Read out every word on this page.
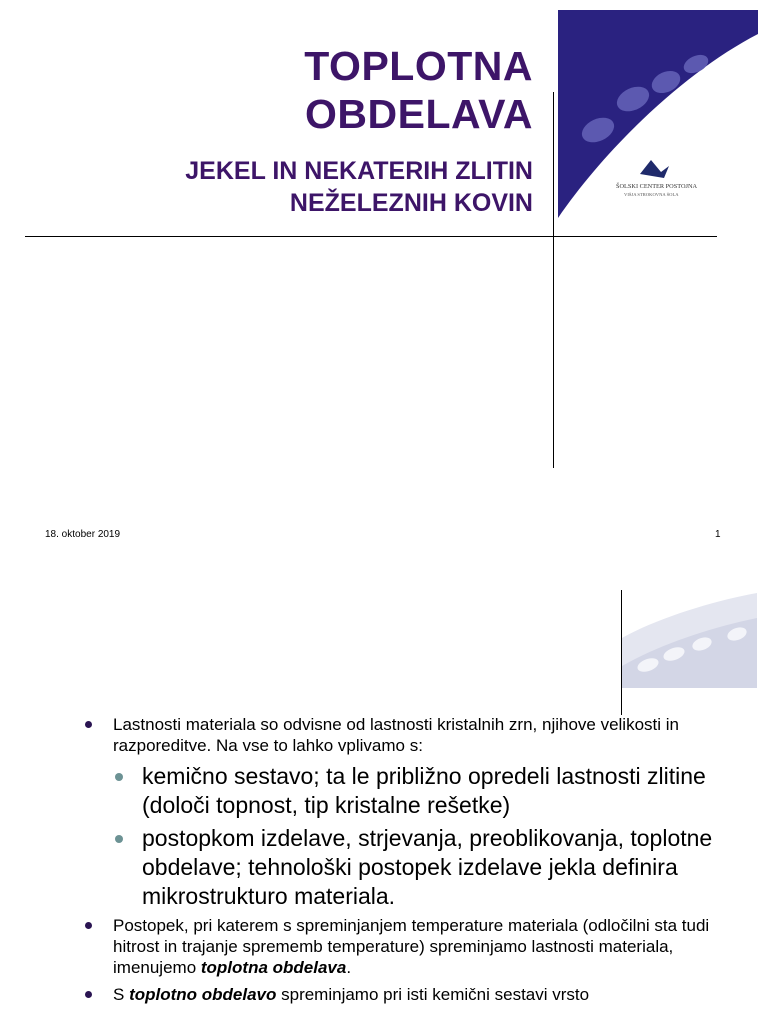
ŠOLSKI CENTER POSTOJNA
VIŠJA STROKOVNA ŠOLA
TOPLOTNA
OBDELAVA
JEKEL IN NEKATERIH ZLITIN
NEŽELEZNIH KOVIN
18. oktober 2019	1
Lastnosti materiala so odvisne od lastnosti kristalnih zrn, njihove velikosti in razporeditve. Na vse to lahko vplivamo s:
kemično sestavo; ta le približno opredeli lastnosti zlitine (določi topnost, tip kristalne rešetke)
postopkom izdelave, strjevanja, preoblikovanja, toplotne obdelave; tehnološki postopek izdelave jekla definira mikrostrukturo materiala.
Postopek, pri katerem s spreminjanjem temperature materiala (odločilni sta tudi hitrost in trajanje sprememb temperature) spreminjamo lastnosti materiala, imenujemo toplotna obdelava.
S toplotno obdelavo spreminjamo pri isti kemični sestavi vrsto
